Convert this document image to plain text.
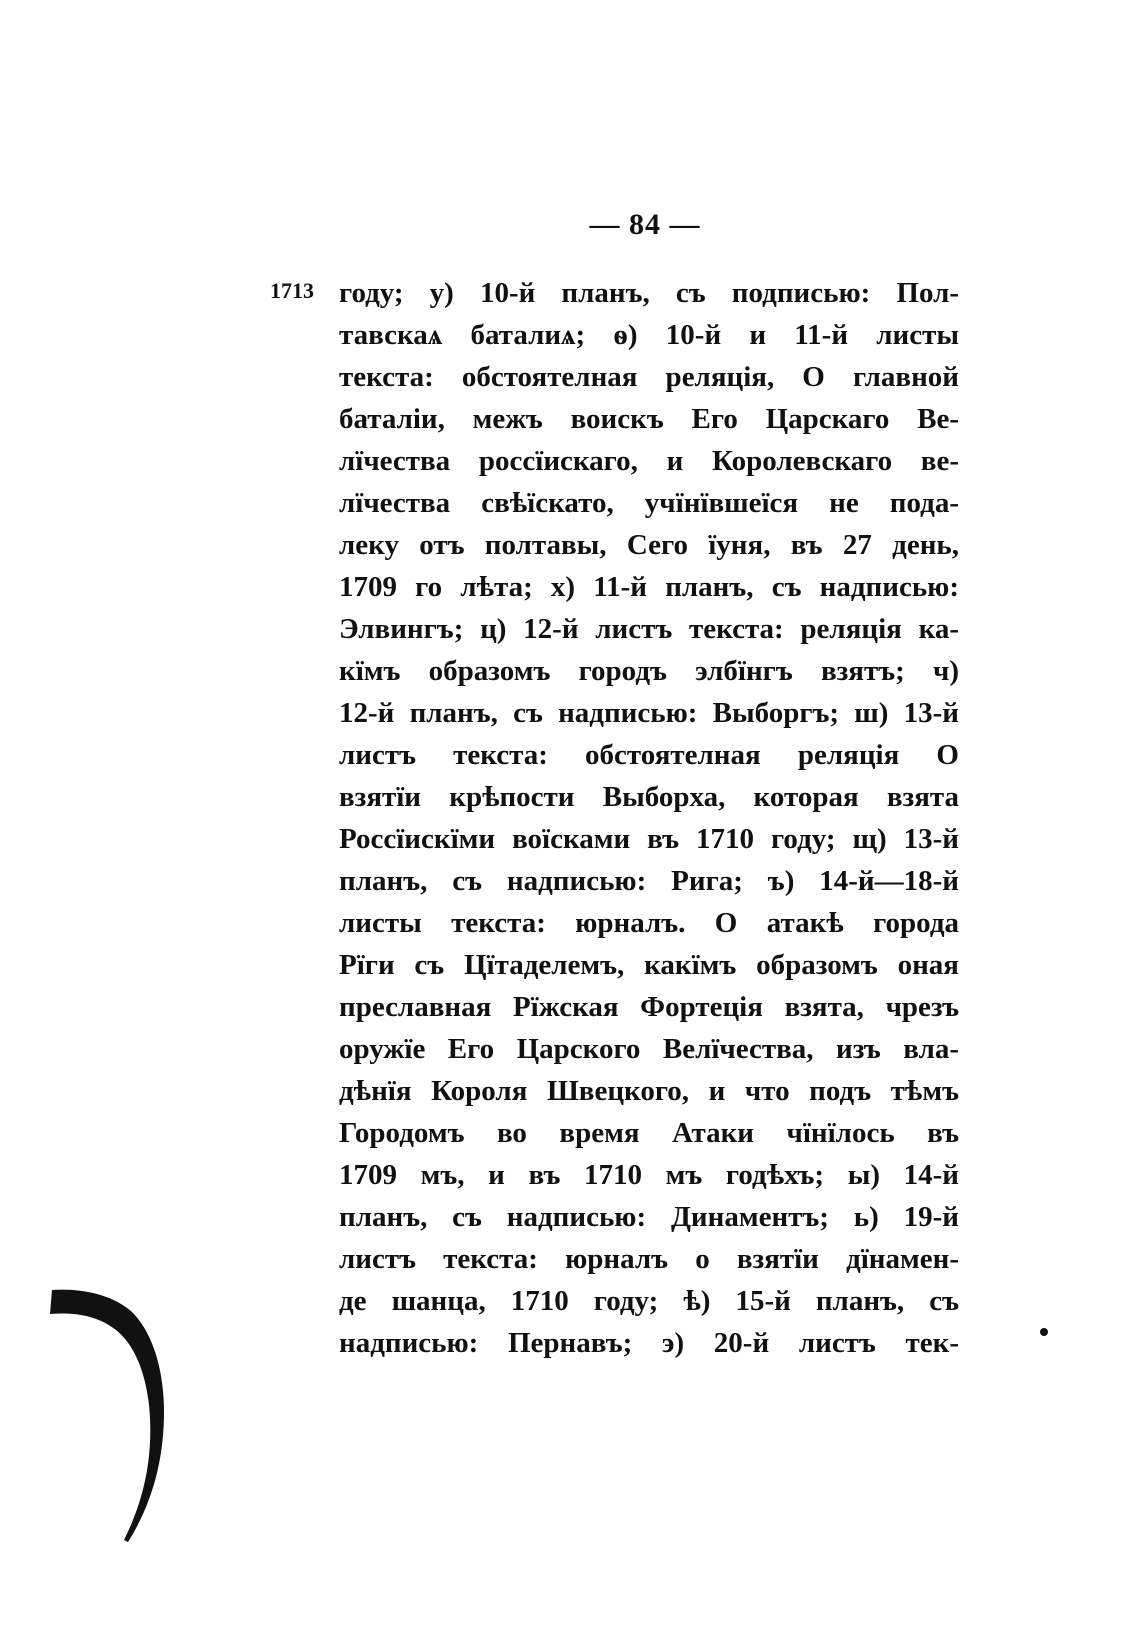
— 84 —
1713 году; у) 10-й планъ, съ подписью: Пол-
тавскаѧ баталиѧ; ѳ) 10-й и 11-й листы
текста: обстоятелная реляція, О главной
баталіи, межъ воискъ Его Царскаго Ве-
лїчества россїискаго, и Королевскаго ве-
лїчества свѣїскато, учїнївшеїся не пода-
леку отъ полтавы, Сего їуня, въ 27 день,
1709 го лѣта; х) 11-й планъ, съ надписью:
Элвингъ; ц) 12-й листъ текста: реляція ка-
кїмъ образомъ городъ элбїнгъ взятъ; ч)
12-й планъ, съ надписью: Выборгъ; ш) 13-й
листъ текста: обстоятелная реляція О
взятїи крѣпости Выборха, которая взята
Россїискїми воїсками въ 1710 году; щ) 13-й
планъ, съ надписью: Рига; ъ) 14-й—18-й
листы текста: юрналъ. О атакѣ города
Рїги съ Цїтаделемъ, какїмъ образомъ оная
преславная Рїжская Фортеція взята, чрезъ
оружїе Его Царского Велїчества, изъ вла-
дѣнїя Короля Швецкого, и что подъ тѣмъ
Городомъ во время Атаки чїнїлось въ
1709 мъ, и въ 1710 мъ годѣхъ; ы) 14-й
планъ, съ надписью: Динаментъ; ь) 19-й
листъ текста: юрналъ о взятїи дїнамен-
де шанца, 1710 году; ѣ) 15-й планъ, съ
надписью: Пернавъ; э) 20-й листъ тек-
